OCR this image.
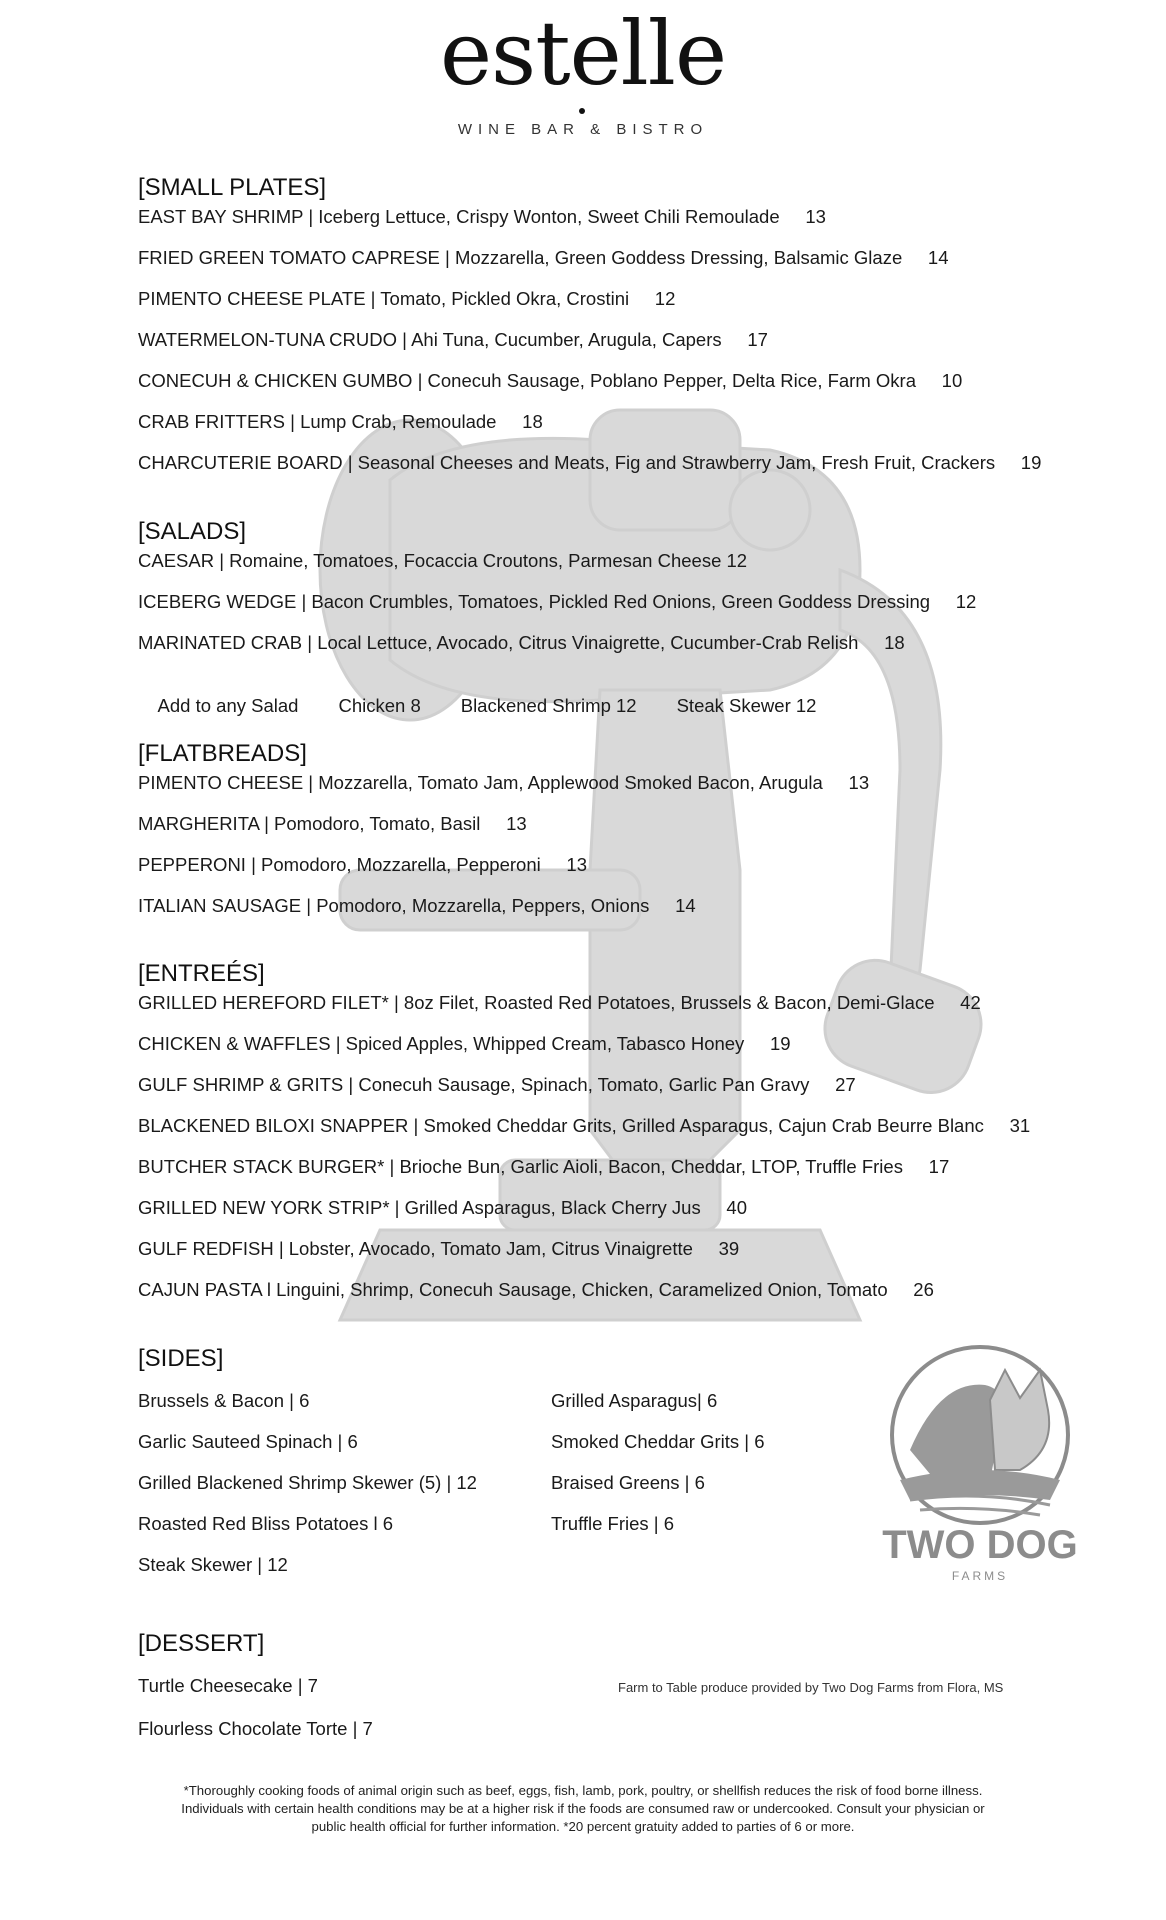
estelle
WINE BAR & BISTRO
[SMALL PLATES]
EAST BAY SHRIMP | Iceberg Lettuce, Crispy Wonton, Sweet Chili Remoulade     13
FRIED GREEN TOMATO CAPRESE | Mozzarella, Green Goddess Dressing, Balsamic Glaze     14
PIMENTO CHEESE PLATE | Tomato, Pickled Okra, Crostini     12
WATERMELON-TUNA CRUDO | Ahi Tuna, Cucumber, Arugula, Capers     17
CONECUH & CHICKEN GUMBO | Conecuh Sausage, Poblano Pepper, Delta Rice, Farm Okra     10
CRAB FRITTERS | Lump Crab, Remoulade     18
CHARCUTERIE BOARD | Seasonal Cheeses and Meats, Fig and Strawberry Jam, Fresh Fruit, Crackers     19
[SALADS]
CAESAR | Romaine, Tomatoes, Focaccia Croutons, Parmesan Cheese 12
ICEBERG WEDGE | Bacon Crumbles, Tomatoes, Pickled Red Onions, Green Goddess Dressing     12
MARINATED CRAB | Local Lettuce, Avocado, Citrus Vinaigrette, Cucumber-Crab Relish     18

Add to any Salad Chicken 8 Blackened Shrimp 12 Steak Skewer 12

[FLATBREADS]
PIMENTO CHEESE | Mozzarella, Tomato Jam, Applewood Smoked Bacon, Arugula     13
MARGHERITA | Pomodoro, Tomato, Basil     13
PEPPERONI | Pomodoro, Mozzarella, Pepperoni     13
ITALIAN SAUSAGE | Pomodoro, Mozzarella, Peppers, Onions     14
[ENTREÉS]
GRILLED HEREFORD FILET* | 8oz Filet, Roasted Red Potatoes, Brussels & Bacon, Demi-Glace     42
CHICKEN & WAFFLES | Spiced Apples, Whipped Cream, Tabasco Honey     19
GULF SHRIMP & GRITS | Conecuh Sausage, Spinach, Tomato, Garlic Pan Gravy     27
BLACKENED BILOXI SNAPPER | Smoked Cheddar Grits, Grilled Asparagus, Cajun Crab Beurre Blanc     31
BUTCHER STACK BURGER* | Brioche Bun, Garlic Aioli, Bacon, Cheddar, LTOP, Truffle Fries     17
GRILLED NEW YORK STRIP* | Grilled Asparagus, Black Cherry Jus     40
GULF REDFISH | Lobster, Avocado, Tomato Jam, Citrus Vinaigrette     39
CAJUN PASTA l Linguini, Shrimp, Conecuh Sausage, Chicken, Caramelized Onion, Tomato     26
[SIDES]
Brussels & Bacon | 6
Garlic Sauteed Spinach | 6
Grilled Blackened Shrimp Skewer (5) | 12
Roasted Red Bliss Potatoes l 6
Steak Skewer | 12
Grilled Asparagus| 6
Smoked Cheddar Grits | 6
Braised Greens | 6
Truffle Fries | 6	TWO DOG
FARMS
[DESSERT]
Turtle Cheesecake | 7
Flourless Chocolate Torte | 7
Farm to Table produce provided by Two Dog Farms from Flora, MS
*Thoroughly cooking foods of animal origin such as beef, eggs, fish, lamb, pork, poultry, or shellfish reduces the risk of food borne illness.
Individuals with certain health conditions may be at a higher risk if the foods are consumed raw or undercooked. Consult your physician or
public health official for further information. *20 percent gratuity added to parties of 6 or more.
